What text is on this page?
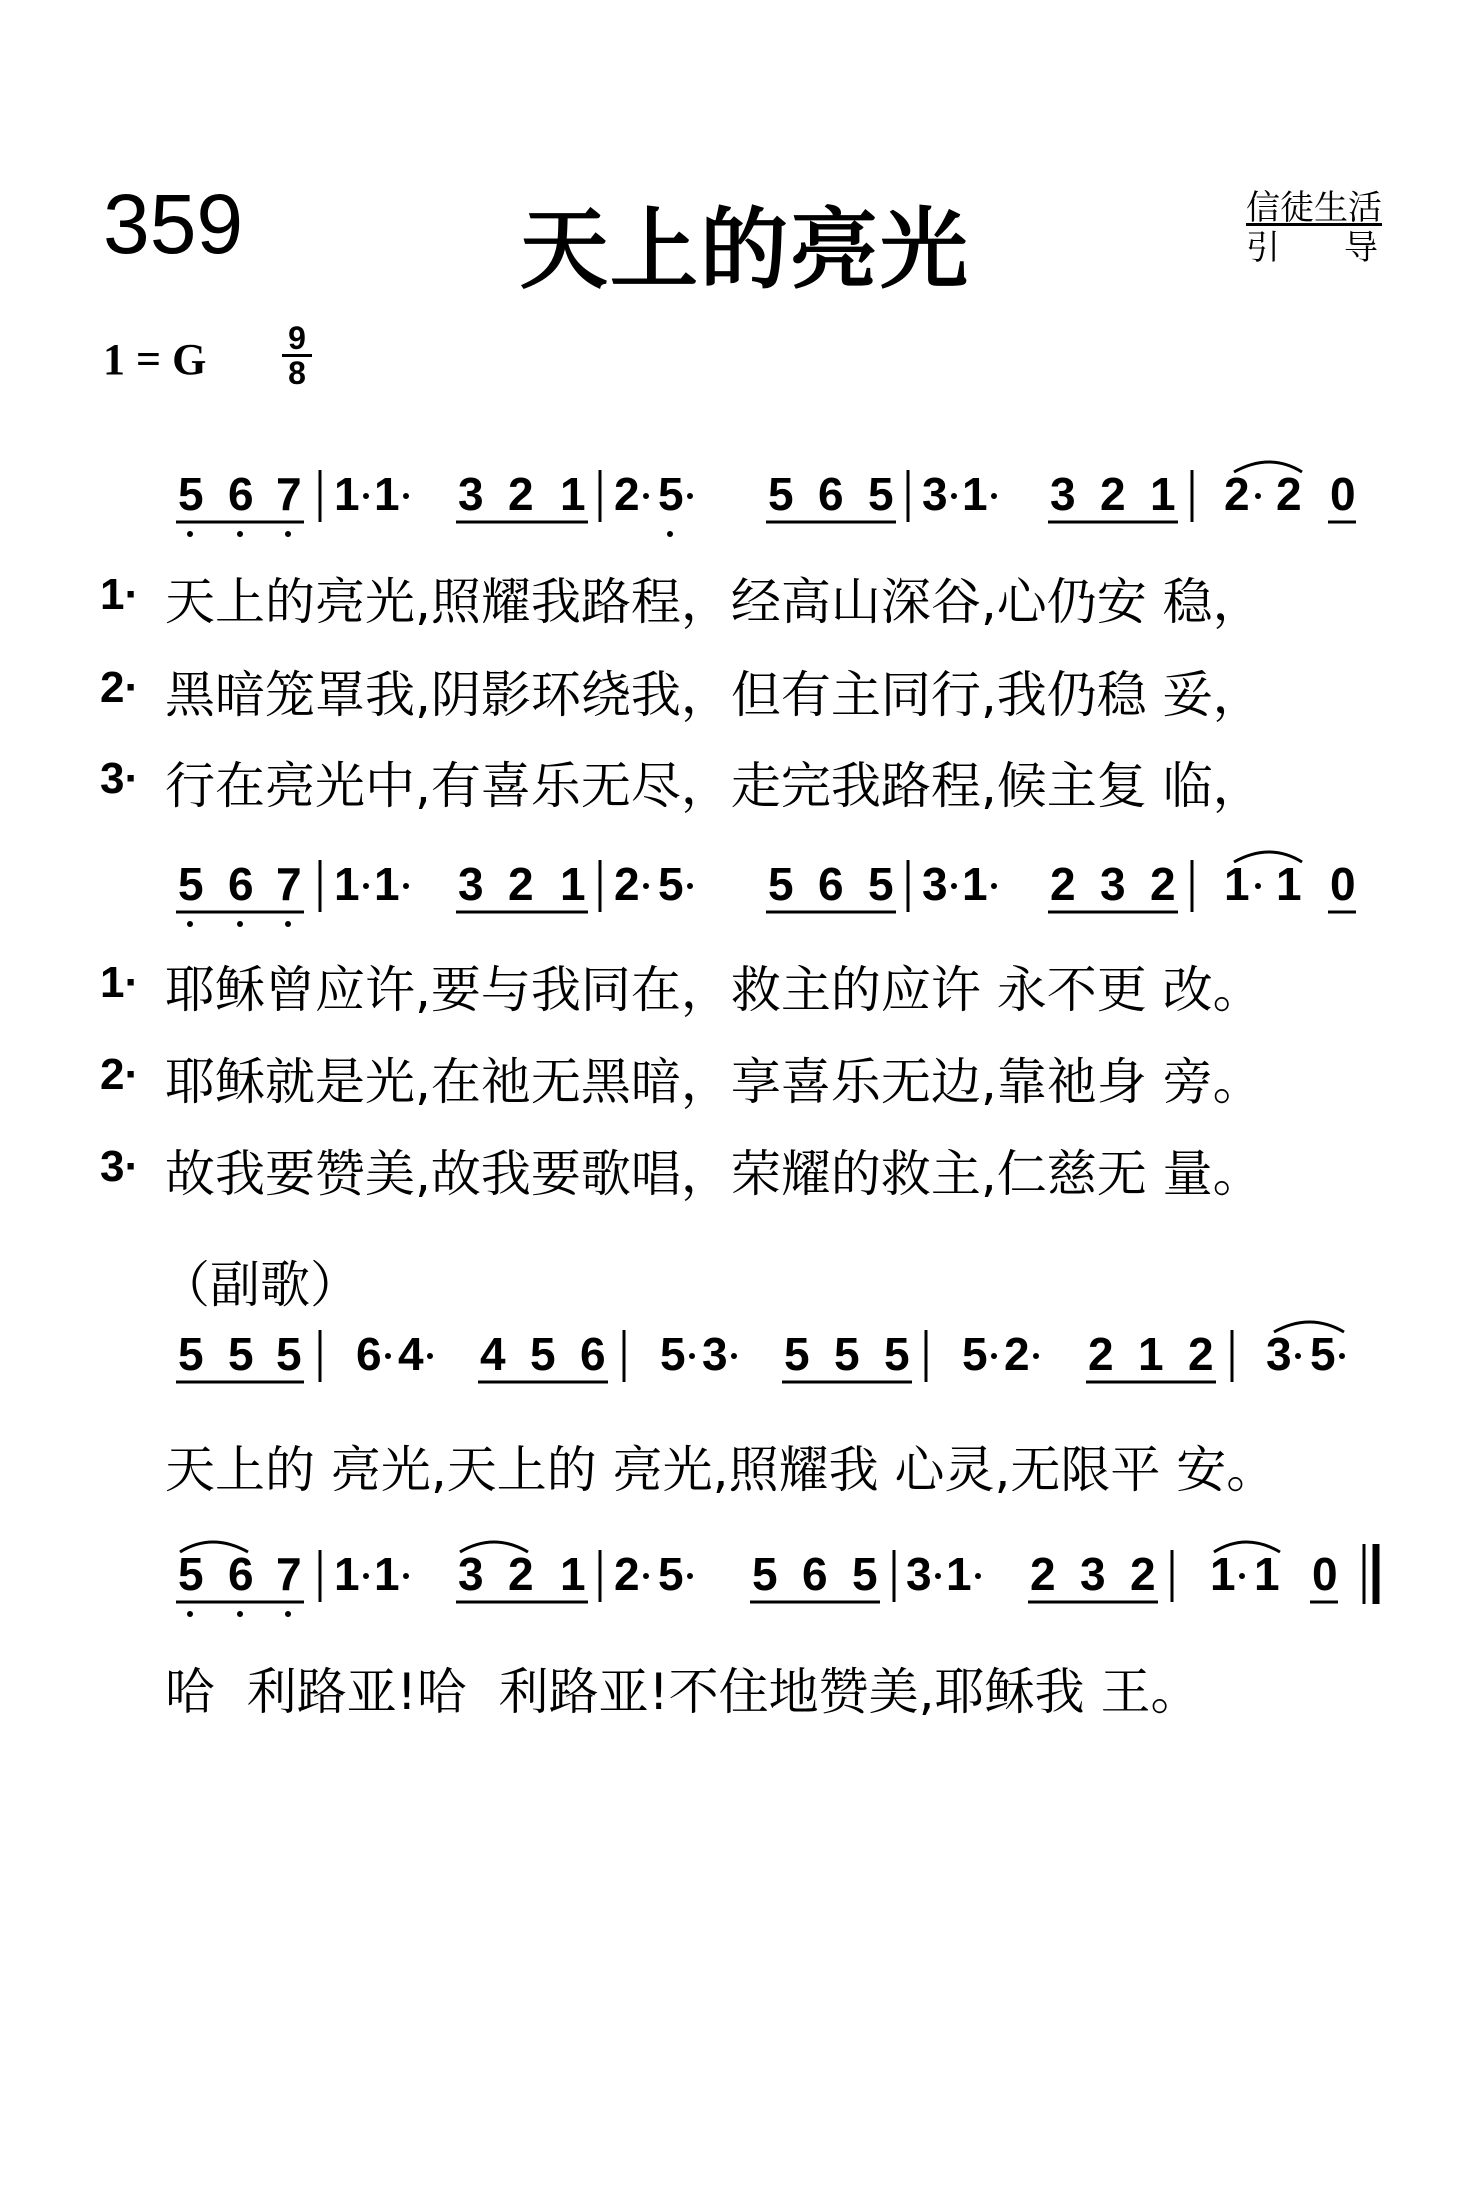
359	天上的亮光	信徒生活
引 导
1 = G	9
8
5 6 7 1 1 3 2 1 2 5 5 6 5 3 1 3 2 1 2 2 0
1· 天上的亮光,照耀我路程，经高山深谷,心仍安 稳，
2· 黑暗笼罩我,阴影环绕我，但有主同行,我仍稳 妥，
3· 行在亮光中,有喜乐无尽，走完我路程,候主复 临，
5 6 7 1 1 3 2 1 2 5 5 6 5 3 1 2 3 2 1 1 0
1· 耶稣曾应许,要与我同在，救主的应许 永不更 改。
2· 耶稣就是光,在祂无黑暗，享喜乐无边,靠祂身 旁。
3· 故我要赞美,故我要歌唱，荣耀的救主,仁慈无 量。
（副歌）
5 5 5 6 4 4 5 6 5 3 5 5 5 5 2 2 1 2 3 5
天上的 亮光,天上的 亮光,照耀我 心灵,无限平 安。
5 6 7 1 1 3 2 1 2 5 5 6 5 3 1 2 3 2 1 1 0
哈  利路亚!哈  利路亚!不住地赞美,耶稣我 王。
